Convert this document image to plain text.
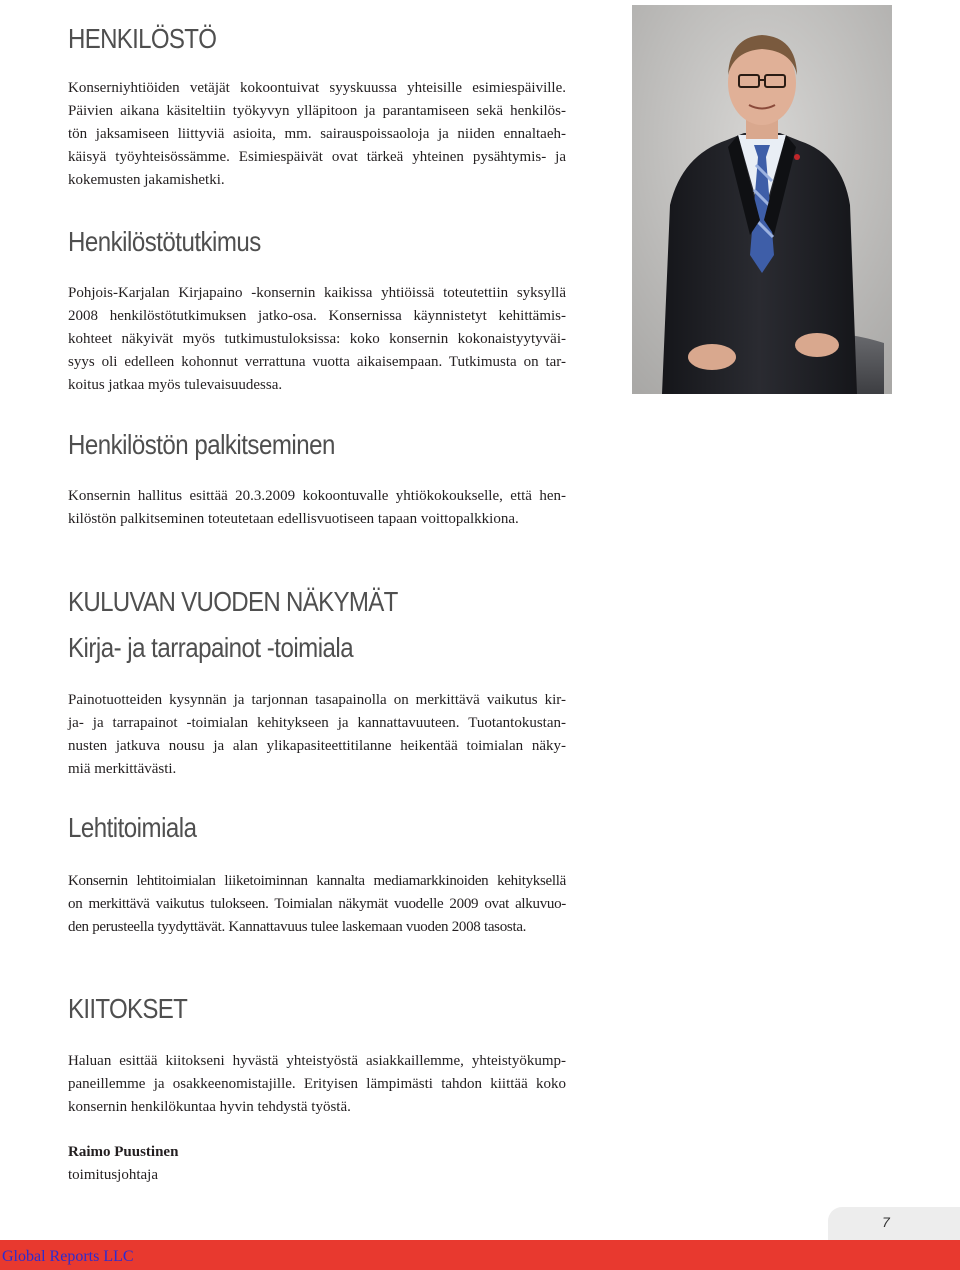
HENKILÖSTÖ
Konserniyhtiöiden vetäjät kokoontuivat syyskuussa yhteisille esimiespäiville.
Päivien aikana käsiteltiin työkyvyn ylläpitoon ja parantamiseen sekä henkilös-
tön jaksamiseen liittyviä asioita, mm. sairauspoissaoloja ja niiden ennaltaeh-
käisyä työyhteisössämme. Esimiespäivät ovat tärkeä yhteinen pysähtymis- ja
kokemusten jakamishetki.
Henkilöstötutkimus
Pohjois-Karjalan Kirjapaino -konsernin kaikissa yhtiöissä toteutettiin syksyllä
2008 henkilöstötutkimuksen jatko-osa. Konsernissa käynnistetyt kehittämis-
kohteet näkyivät myös tutkimustuloksissa: koko konsernin kokonaistyytyväi-
syys oli edelleen kohonnut verrattuna vuotta aikaisempaan. Tutkimusta on tar-
koitus jatkaa myös tulevaisuudessa.
Henkilöstön palkitseminen
Konsernin hallitus esittää 20.3.2009 kokoontuvalle yhtiökokoukselle, että hen-
kilöstön palkitseminen toteutetaan edellisvuotiseen tapaan voittopalkkiona.
KULUVAN VUODEN NÄKYMÄT
Kirja- ja tarrapainot -toimiala
Painotuotteiden kysynnän ja tarjonnan tasapainolla on merkittävä vaikutus kir-
ja- ja tarrapainot -toimialan kehitykseen ja kannattavuuteen. Tuotantokustan-
nusten jatkuva nousu ja alan ylikapasiteettitilanne heikentää toimialan näky-
miä merkittävästi.
Lehtitoimiala
Konsernin lehtitoimialan liiketoiminnan kannalta mediamarkkinoiden kehityksellä
on merkittävä vaikutus tulokseen. Toimialan näkymät vuodelle 2009 ovat alkuvuo-
den perusteella tyydyttävät. Kannattavuus tulee laskemaan vuoden 2008 tasosta.
KIITOKSET
Haluan esittää kiitokseni hyvästä yhteistyöstä asiakkaillemme, yhteistyökump-
paneillemme ja osakkeenomistajille. Erityisen lämpimästi tahdon kiittää koko
konsernin henkilökuntaa hyvin tehdystä työstä.
Raimo Puustinen
toimitusjohtaja
7
Global Reports LLC
